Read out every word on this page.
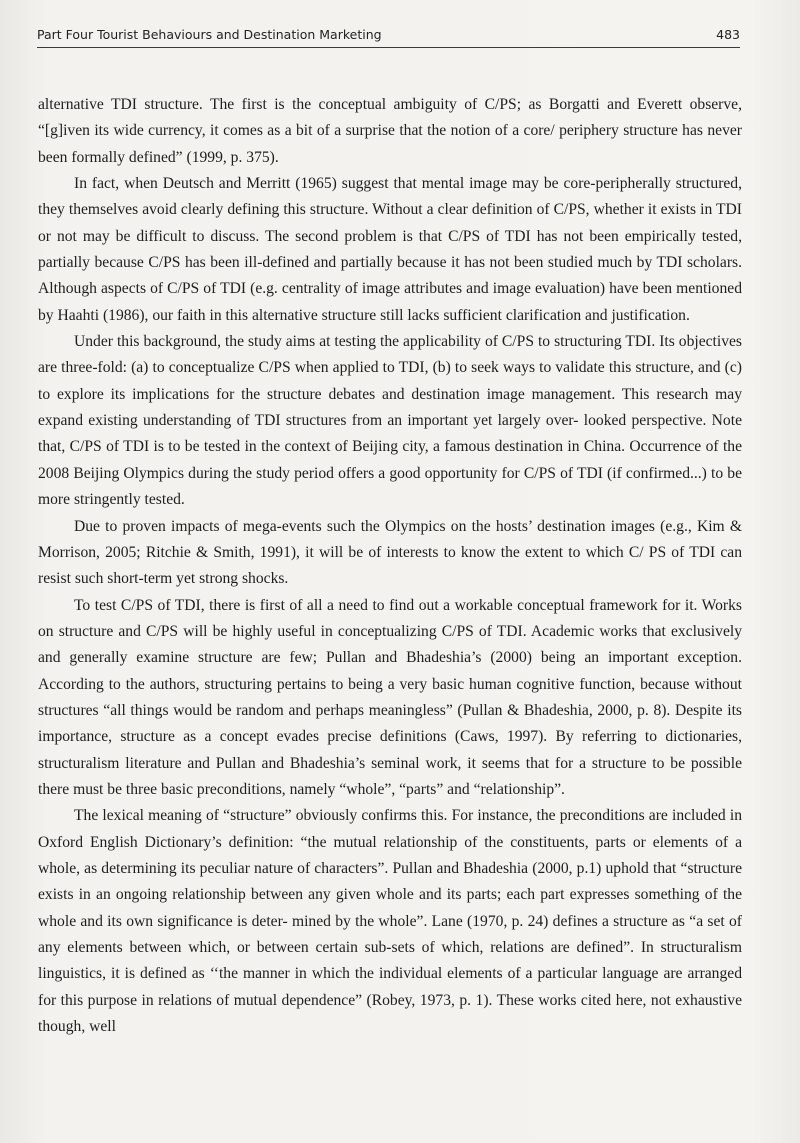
Part Four Tourist Behaviours and Destination Marketing	483

alternative TDI structure. The first is the conceptual ambiguity of C/PS; as Borgatti and Everett observe, “[g]iven its wide currency, it comes as a bit of a surprise that the notion of a core/ periphery structure has never been formally defined” (1999, p. 375).

In fact, when Deutsch and Merritt (1965) suggest that mental image may be core-peripherally structured, they themselves avoid clearly defining this structure. Without a clear definition of C/PS, whether it exists in TDI or not may be difficult to discuss. The second problem is that C/PS of TDI has not been empirically tested, partially because C/PS has been ill-defined and partially because it has not been studied much by TDI scholars. Although aspects of C/PS of TDI (e.g. centrality of image attributes and image evaluation) have been mentioned by Haahti (1986), our faith in this alternative structure still lacks sufficient clarification and justification.

Under this background, the study aims at testing the applicability of C/PS to structuring TDI. Its objectives are three-fold: (a) to conceptualize C/PS when applied to TDI, (b) to seek ways to validate this structure, and (c) to explore its implications for the structure debates and destination image management. This research may expand existing understanding of TDI structures from an important yet largely over- looked perspective. Note that, C/PS of TDI is to be tested in the context of Beijing city, a famous destination in China. Occurrence of the 2008 Beijing Olympics during the study period offers a good opportunity for C/PS of TDI (if confirmed...) to be more stringently tested.

Due to proven impacts of mega-events such the Olympics on the hosts’ destination images (e.g., Kim & Morrison, 2005; Ritchie & Smith, 1991), it will be of interests to know the extent to which C/ PS of TDI can resist such short-term yet strong shocks.

To test C/PS of TDI, there is first of all a need to find out a workable conceptual framework for it. Works on structure and C/PS will be highly useful in conceptualizing C/PS of TDI. Academic works that exclusively and generally examine structure are few; Pullan and Bhadeshia’s (2000) being an important exception. According to the authors, structuring pertains to being a very basic human cognitive function, because without structures “all things would be random and perhaps meaningless” (Pullan & Bhadeshia, 2000, p. 8). Despite its importance, structure as a concept evades precise definitions (Caws, 1997). By referring to dictionaries, structuralism literature and Pullan and Bhadeshia’s seminal work, it seems that for a structure to be possible there must be three basic preconditions, namely “whole”, “parts” and “relationship”.

The lexical meaning of “structure” obviously confirms this. For instance, the preconditions are included in Oxford English Dictionary’s definition: “the mutual relationship of the constituents, parts or elements of a whole, as determining its peculiar nature of characters”. Pullan and Bhadeshia (2000, p.1) uphold that “structure exists in an ongoing relationship between any given whole and its parts; each part expresses something of the whole and its own significance is deter- mined by the whole”. Lane (1970, p. 24) defines a structure as “a set of any elements between which, or between certain sub-sets of which, relations are defined”. In structuralism linguistics, it is defined as ‘‘the manner in which the individual elements of a particular language are arranged for this purpose in relations of mutual dependence” (Robey, 1973, p. 1). These works cited here, not exhaustive though, well
